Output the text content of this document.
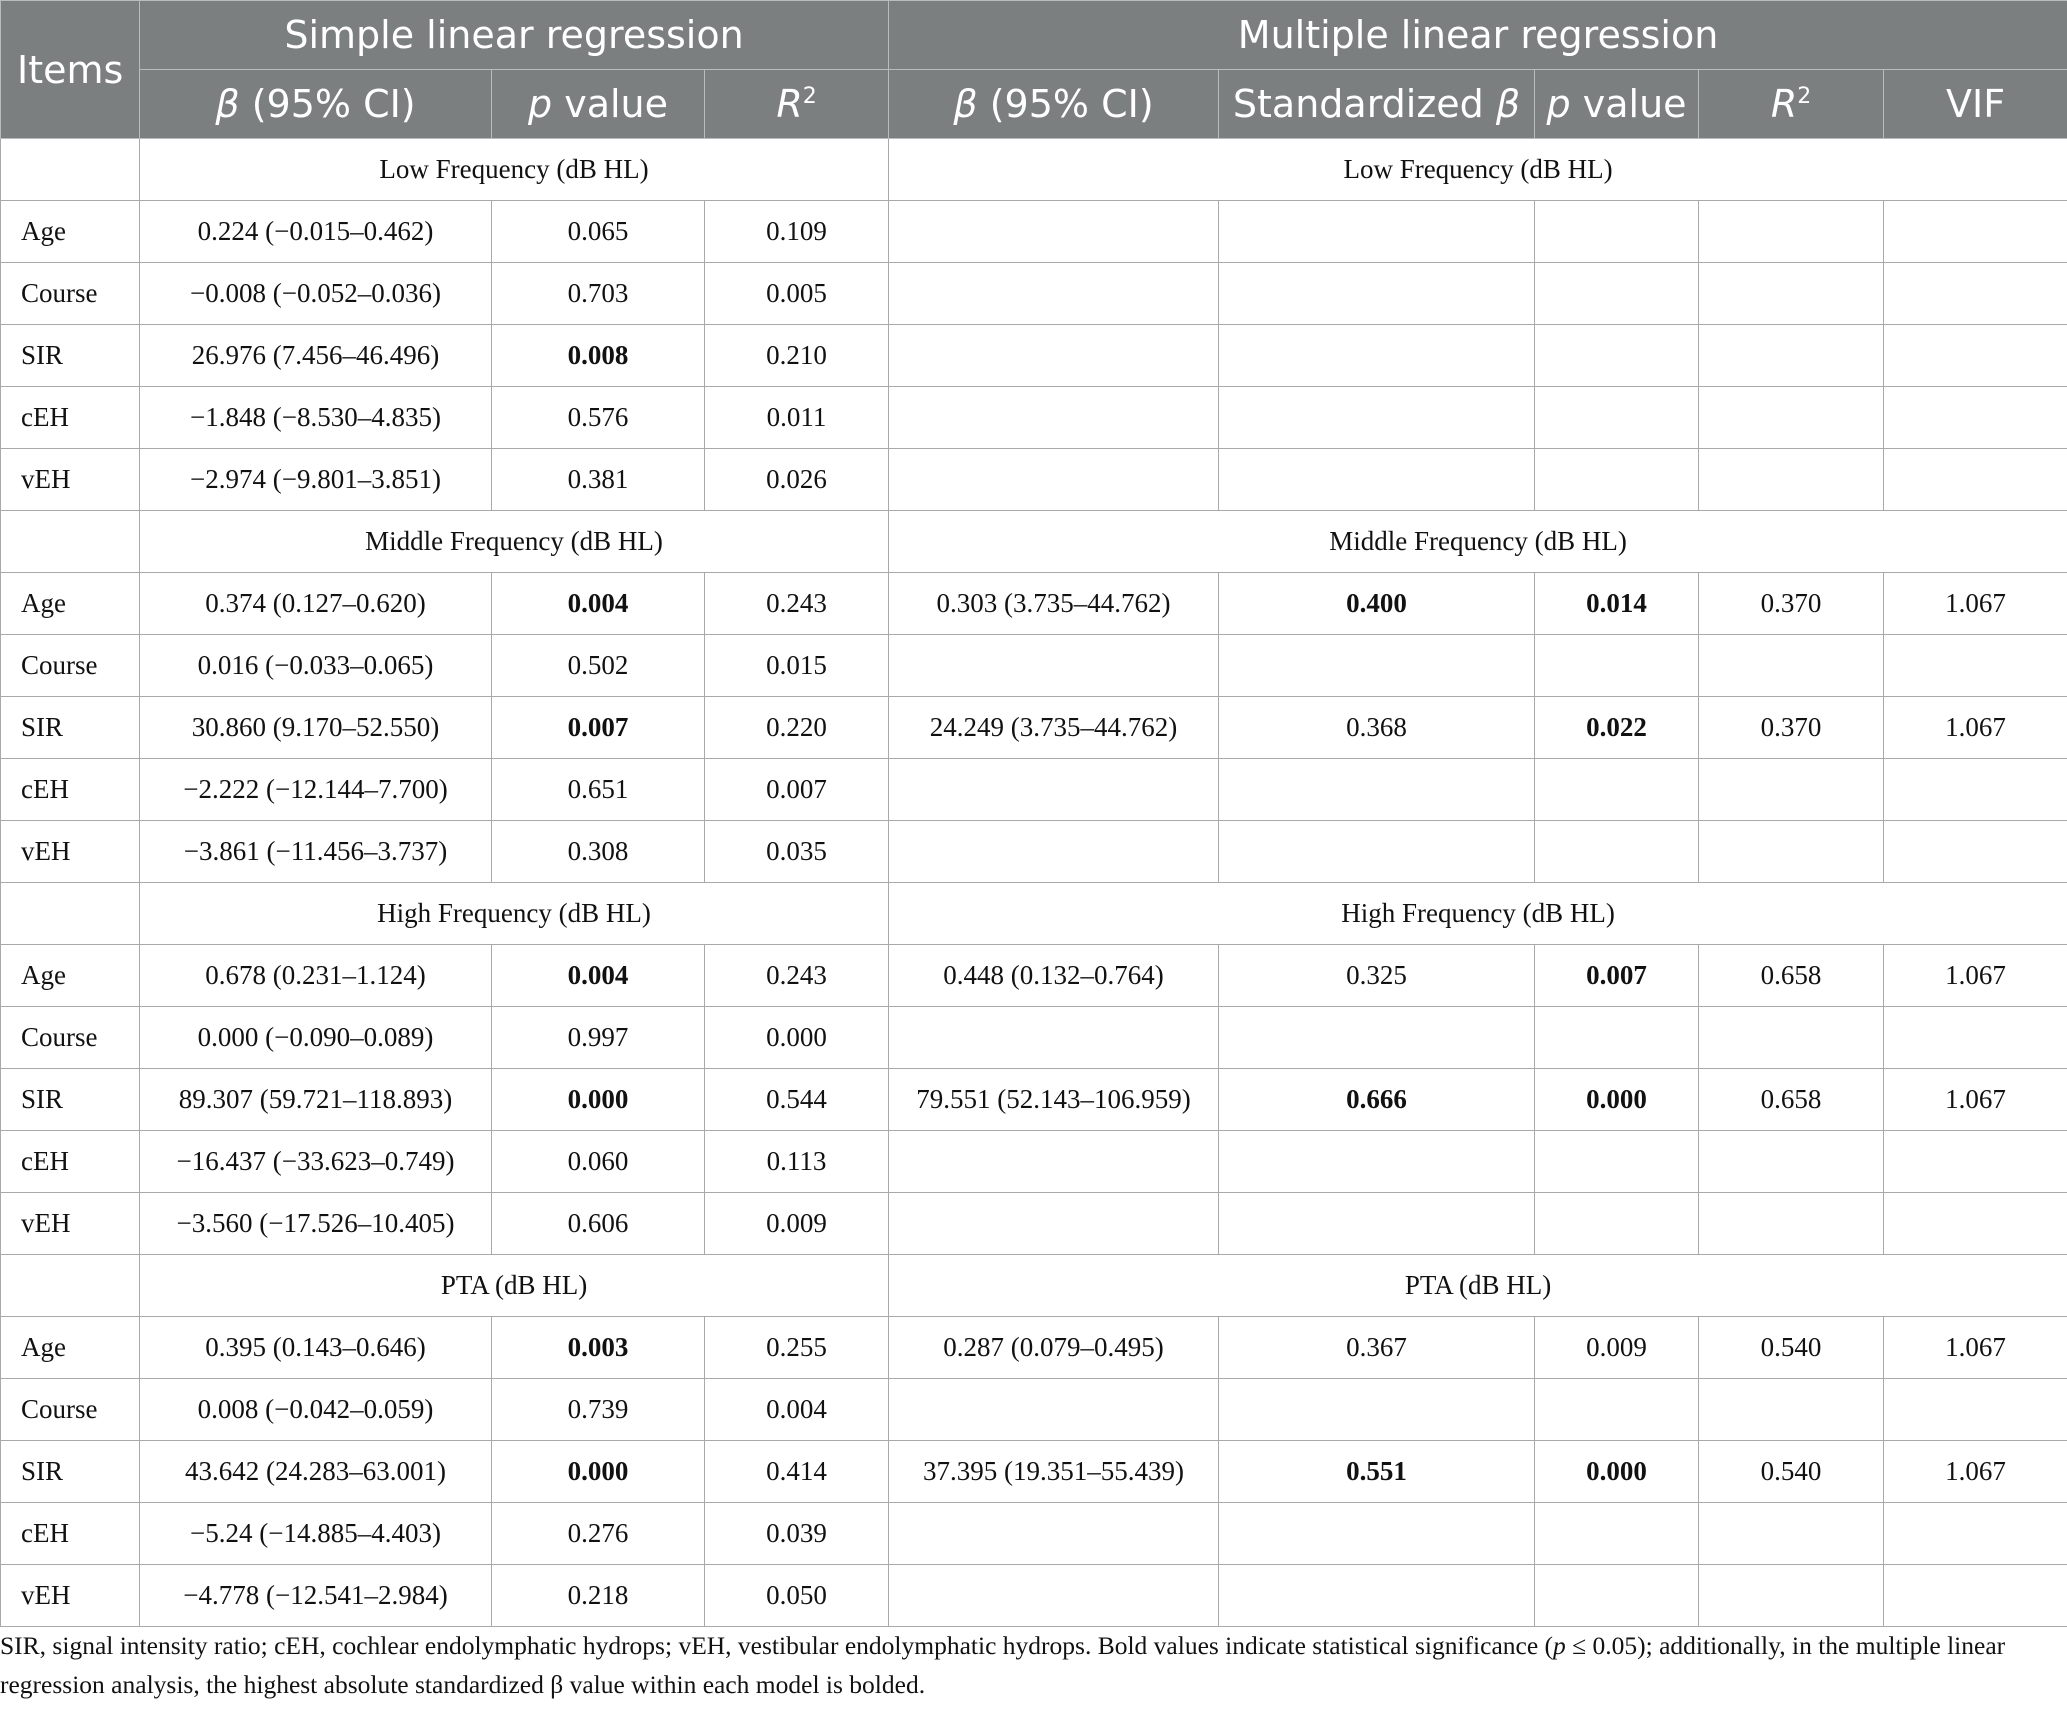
Items	Simple linear regression			Multiple linear regression				
	β (95% CI)	p value	$R^2$	β (95% CI)	Standardized β	p value	$R^2$	VIF
	Low Frequency (dB HL)			Low Frequency (dB HL)				
Age	0.224 (−0.015–0.462)	0.065	0.109					
Course	−0.008 (−0.052–0.036)	0.703	0.005					
SIR	26.976 (7.456–46.496)	0.008	0.210					
cEH	−1.848 (−8.530–4.835)	0.576	0.011					
vEH	−2.974 (−9.801–3.851)	0.381	0.026					
	Middle Frequency (dB HL)			Middle Frequency (dB HL)				
Age	0.374 (0.127–0.620)	0.004	0.243	0.303 (3.735–44.762)	0.400	0.014	0.370	1.067
Course	0.016 (−0.033–0.065)	0.502	0.015					
SIR	30.860 (9.170–52.550)	0.007	0.220	24.249 (3.735–44.762)	0.368	0.022	0.370	1.067
cEH	−2.222 (−12.144–7.700)	0.651	0.007					
vEH	−3.861 (−11.456–3.737)	0.308	0.035					
	High Frequency (dB HL)			High Frequency (dB HL)				
Age	0.678 (0.231–1.124)	0.004	0.243	0.448 (0.132–0.764)	0.325	0.007	0.658	1.067
Course	0.000 (−0.090–0.089)	0.997	0.000					
SIR	89.307 (59.721–118.893)	0.000	0.544	79.551 (52.143–106.959)	0.666	0.000	0.658	1.067
cEH	−16.437 (−33.623–0.749)	0.060	0.113					
vEH	−3.560 (−17.526–10.405)	0.606	0.009					
	PTA (dB HL)			PTA (dB HL)				
Age	0.395 (0.143–0.646)	0.003	0.255	0.287 (0.079–0.495)	0.367	0.009	0.540	1.067
Course	0.008 (−0.042–0.059)	0.739	0.004					
SIR	43.642 (24.283–63.001)	0.000	0.414	37.395 (19.351–55.439)	0.551	0.000	0.540	1.067
cEH	−5.24 (−14.885–4.403)	0.276	0.039					
vEH	−4.778 (−12.541–2.984)	0.218	0.050					
SIR, signal intensity ratio; cEH, cochlear endolymphatic hydrops; vEH, vestibular endolymphatic hydrops. Bold values indicate statistical significance (p ≤ 0.05); additionally, in the multiple linear regression analysis, the highest absolute standardized β value within each model is bolded.
